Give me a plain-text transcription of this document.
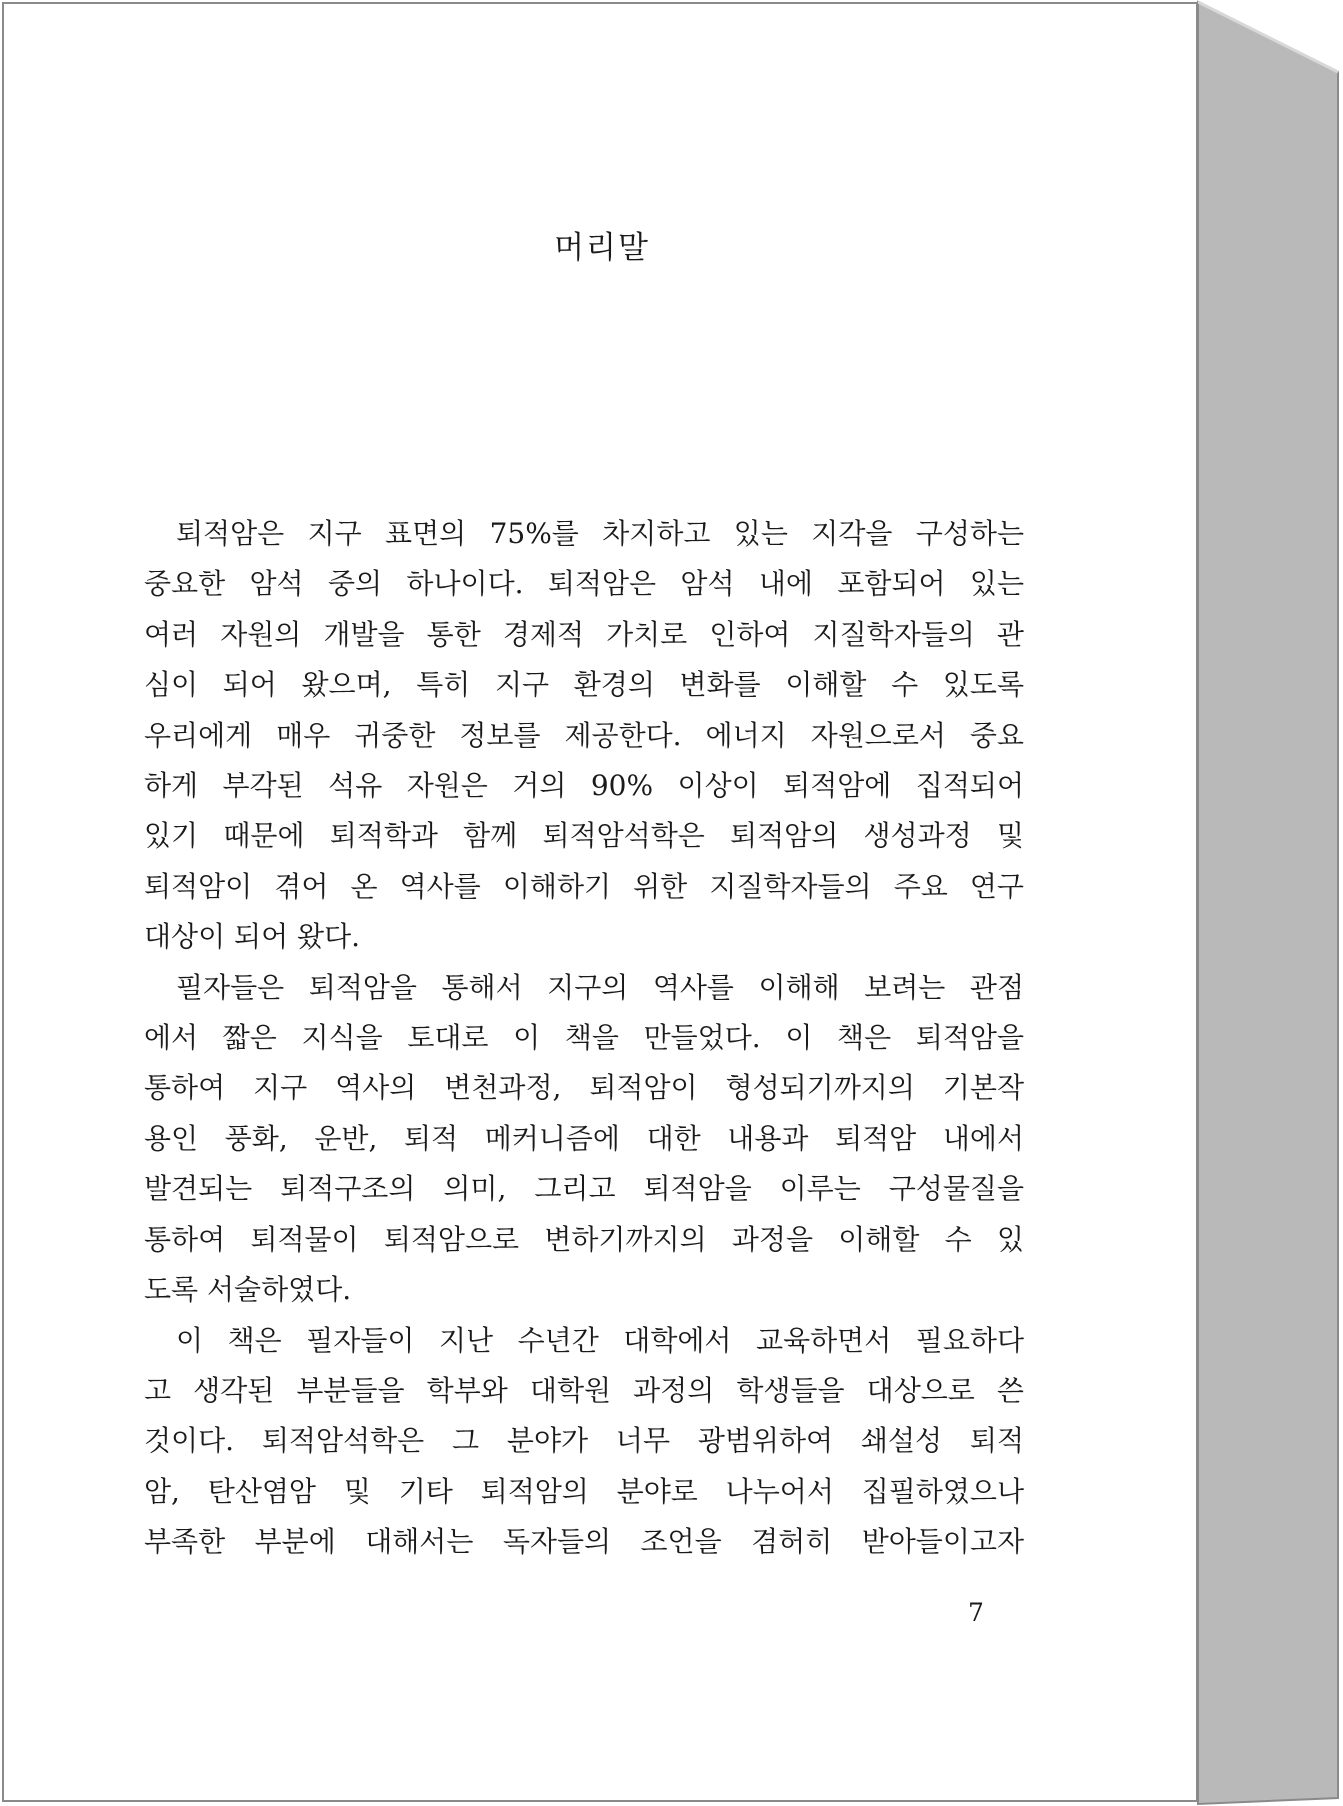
머리말
퇴적암은 지구 표면의 75%를 차지하고 있는 지각을 구성하는
중요한 암석 중의 하나이다. 퇴적암은 암석 내에 포함되어 있는
여러 자원의 개발을 통한 경제적 가치로 인하여 지질학자들의 관
심이 되어 왔으며, 특히 지구 환경의 변화를 이해할 수 있도록
우리에게 매우 귀중한 정보를 제공한다. 에너지 자원으로서 중요
하게 부각된 석유 자원은 거의 90% 이상이 퇴적암에 집적되어
있기 때문에 퇴적학과 함께 퇴적암석학은 퇴적암의 생성과정 및
퇴적암이 겪어 온 역사를 이해하기 위한 지질학자들의 주요 연구
대상이 되어 왔다.
필자들은 퇴적암을 통해서 지구의 역사를 이해해 보려는 관점
에서 짧은 지식을 토대로 이 책을 만들었다. 이 책은 퇴적암을
통하여 지구 역사의 변천과정, 퇴적암이 형성되기까지의 기본작
용인 풍화, 운반, 퇴적 메커니즘에 대한 내용과 퇴적암 내에서
발견되는 퇴적구조의 의미, 그리고 퇴적암을 이루는 구성물질을
통하여 퇴적물이 퇴적암으로 변하기까지의 과정을 이해할 수 있
도록 서술하였다.
이 책은 필자들이 지난 수년간 대학에서 교육하면서 필요하다
고 생각된 부분들을 학부와 대학원 과정의 학생들을 대상으로 쓴
것이다. 퇴적암석학은 그 분야가 너무 광범위하여 쇄설성 퇴적
암, 탄산염암 및 기타 퇴적암의 분야로 나누어서 집필하였으나
부족한 부분에 대해서는 독자들의 조언을 겸허히 받아들이고자
7
